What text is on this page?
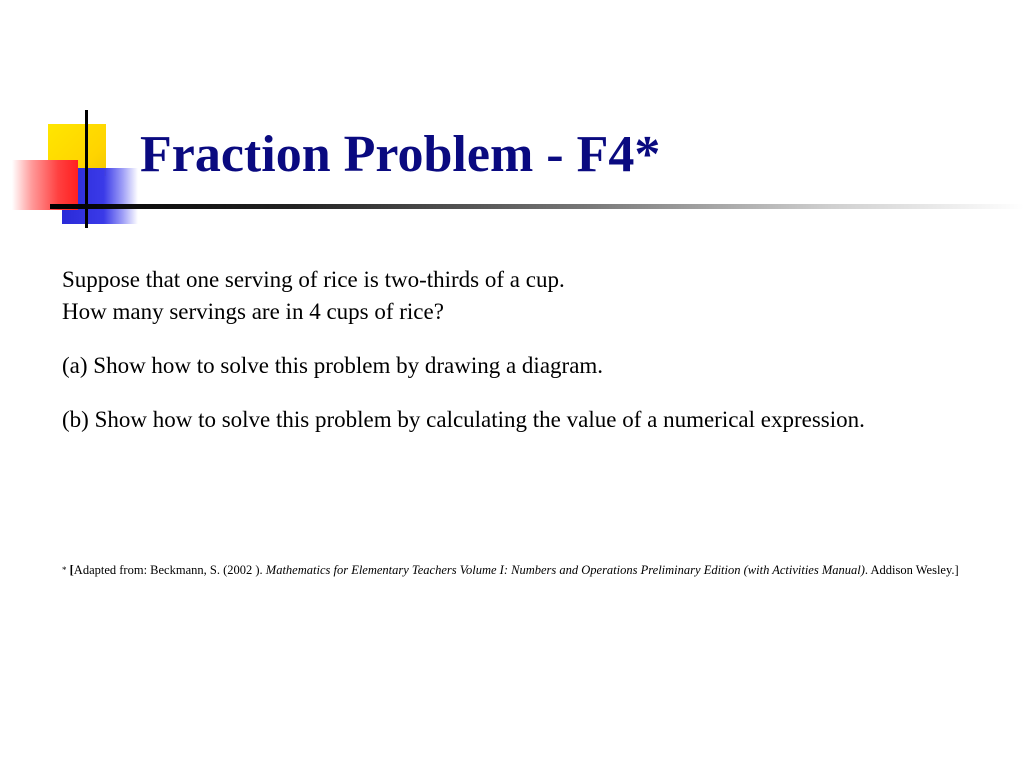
Fraction Problem - F4*

Suppose that one serving of rice is two-thirds of a cup.

How many servings are in 4 cups of rice?

(a) Show how to solve this problem by drawing a diagram.

(b) Show how to solve this problem by calculating the value of a numerical expression.

* [Adapted from: Beckmann, S. (2002 ). Mathematics for Elementary Teachers Volume I: Numbers and Operations Preliminary Edition (with Activities Manual). Addison Wesley.]
